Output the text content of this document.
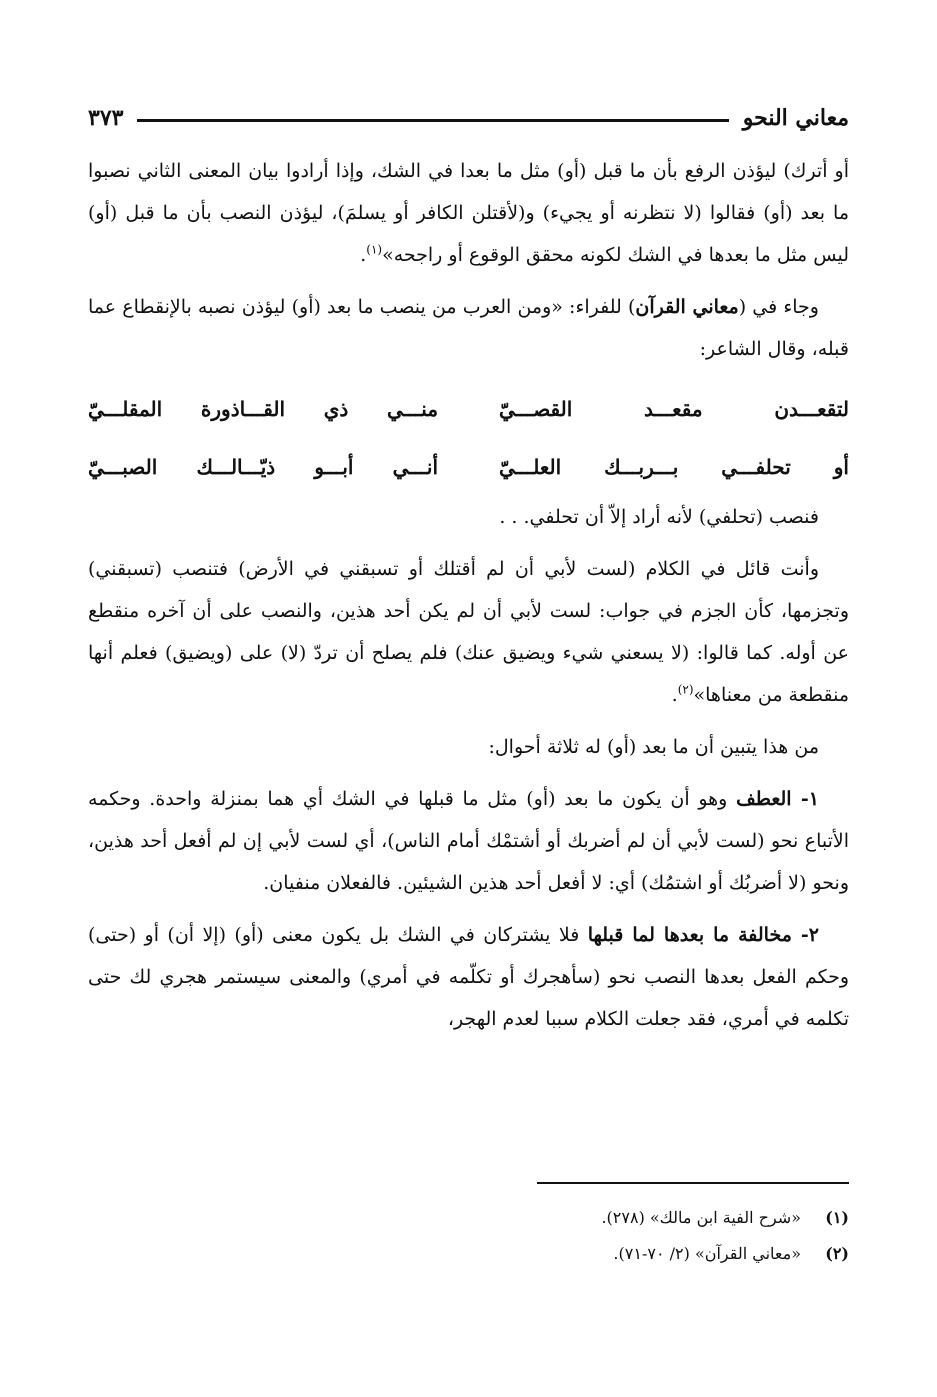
معاني النحو
٣٧٣

أو أترك) ليؤذن الرفع بأن ما قبل (أو) مثل ما بعدا في الشك، وإذا أرادوا بيان المعنى الثاني نصبوا ما بعد (أو) فقالوا (لا نتظرنه أو يجيء) و(لأقتلن الكافر أو يسلمَ)، ليؤذن النصب بأن ما قبل (أو) ليس مثل ما بعدها في الشك لكونه محقق الوقوع أو راجحه»$^{(١)}$.

وجاء في (معاني القرآن) للفراء: «ومن العرب من ينصب ما بعد (أو) ليؤذن نصبه بالإنقطاع عما قبله، وقال الشاعر:

لتقعـــدن مقعـــد القصـــيّ
منـــي ذي القـــاذورة المقلـــيّ
أو تحلفـــي بـــربـــك العلـــيّ
أنـــي أبـــو ذيّـــالـــك الصبـــيّ

فنصب (تحلفي) لأنه أراد إلاّ أن تحلفي. . .

وأنت قائل في الكلام (لست لأبي أن لم أقتلك أو تسبقني في الأرض) فتنصب (تسبقني) وتجزمها، كأن الجزم في جواب: لست لأبي أن لم يكن أحد هذين، والنصب على أن آخره منقطع عن أوله. كما قالوا: (لا يسعني شيء ويضيق عنك) فلم يصلح أن تردّ (لا) على (ويضيق) فعلم أنها منقطعة من معناها»$^{(٢)}$.

من هذا يتبين أن ما بعد (أو) له ثلاثة أحوال:

١- العطف وهو أن يكون ما بعد (أو) مثل ما قبلها في الشك أي هما بمنزلة واحدة. وحكمه الأتباع نحو (لست لأبي أن لم أضربك أو أشتمْك أمام الناس)، أي لست لأبي إن لم أفعل أحد هذين، ونحو (لا أضربُك أو اشتمُك) أي: لا أفعل أحد هذين الشيئين. فالفعلان منفيان.

٢- مخالفة ما بعدها لما قبلها فلا يشتركان في الشك بل يكون معنى (أو) (إلا أن) أو (حتى) وحكم الفعل بعدها النصب نحو (سأهجرك أو تكلّمه في أمري) والمعنى سيستمر هجري لك حتى تكلمه في أمري، فقد جعلت الكلام سببا لعدم الهجر،

(١)
«شرح الفية ابن مالك» (٢٧٨).
(٢)
«معاني القرآن» (٢/ ٧٠-٧١).
